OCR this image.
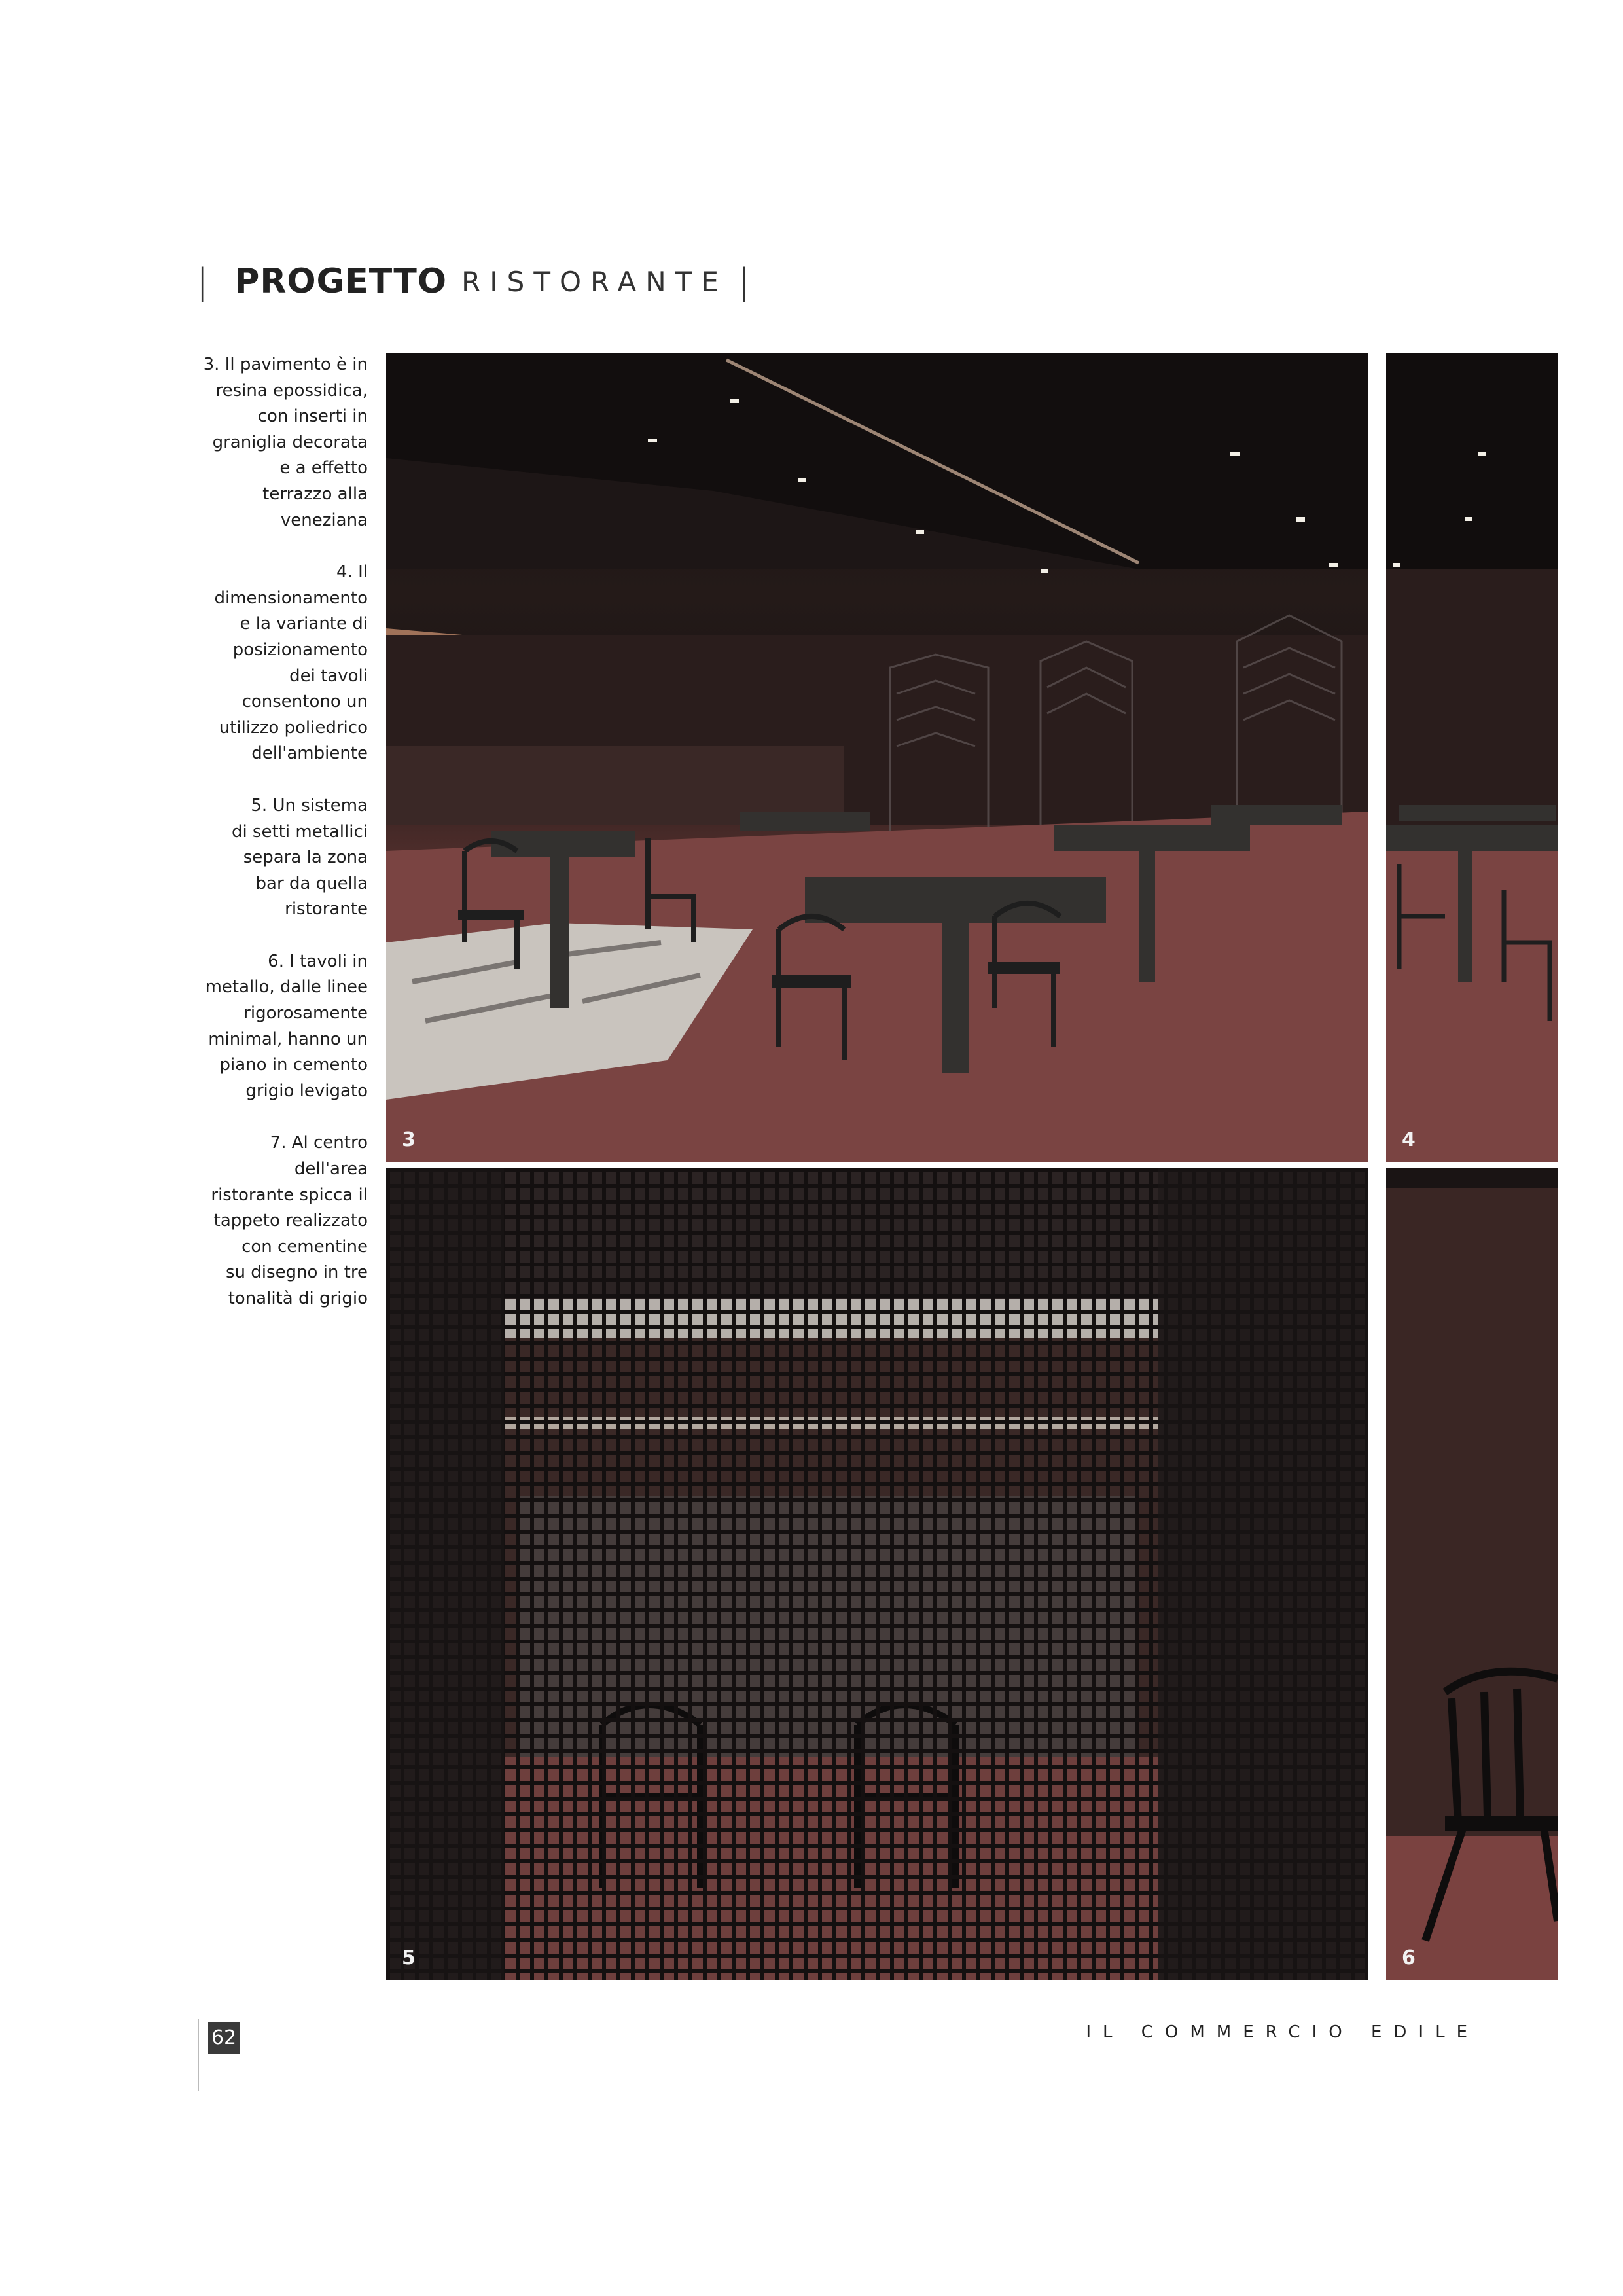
| PROGETTO RISTORANTE |
3. Il pavimento è in
resina epossidica,
con inserti in
graniglia decorata
e a effetto
terrazzo alla
veneziana
4. Il
dimensionamento
e la variante di
posizionamento
dei tavoli
consentono un
utilizzo poliedrico
dell'ambiente
5. Un sistema
di setti metallici
separa la zona
bar da quella
ristorante
6. I tavoli in
metallo, dalle linee
rigorosamente
minimal, hanno un
piano in cemento
grigio levigato
7. Al centro
dell'area
ristorante spicca il
tappeto realizzato
con cementine
su disegno in tre
tonalità di grigio
3	4
5	6
62	IL COMMERCIO EDILE
